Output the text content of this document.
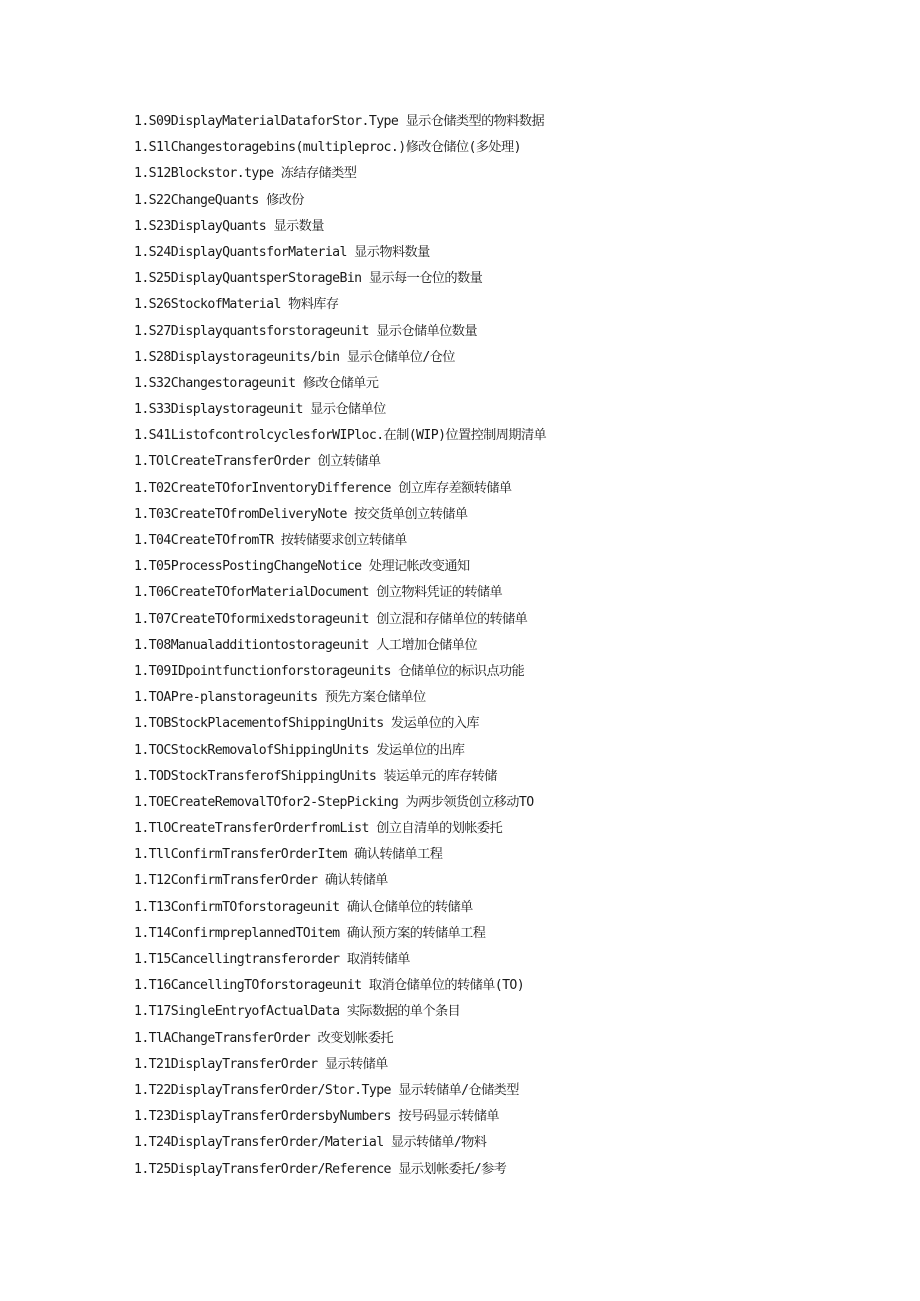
1.S09DisplayMaterialDataforStor.Type 显示仓储类型的物料数据
1.S1lChangestoragebins(multipleproc.)修改仓储位(多处理)
1.S12Blockstor.type 冻结存储类型
1.S22ChangeQuants 修改份
1.S23DisplayQuants 显示数量
1.S24DisplayQuantsforMaterial 显示物料数量
1.S25DisplayQuantsperStorageBin 显示每一仓位的数量
1.S26StockofMaterial 物料库存
1.S27Displayquantsforstorageunit 显示仓储单位数量
1.S28Displaystorageunits/bin 显示仓储单位/仓位
1.S32Changestorageunit 修改仓储单元
1.S33Displaystorageunit 显示仓储单位
1.S41ListofcontrolcyclesforWIPloc.在制(WIP)位置控制周期清单
1.TOlCreateTransferOrder 创立转储单
1.T02CreateTOforInventoryDifference 创立库存差额转储单
1.T03CreateTOfromDeliveryNote 按交货单创立转储单
1.T04CreateTOfromTR 按转储要求创立转储单
1.T05ProcessPostingChangeNotice 处理记帐改变通知
1.T06CreateTOforMaterialDocument 创立物料凭证的转储单
1.T07CreateTOformixedstorageunit 创立混和存储单位的转储单
1.T08Manualadditiontostorageunit 人工增加仓储单位
1.T09IDpointfunctionforstorageunits 仓储单位的标识点功能
1.TOAPre-planstorageunits 预先方案仓储单位
1.TOBStockPlacementofShippingUnits 发运单位的入库
1.TOCStockRemovalofShippingUnits 发运单位的出库
1.TODStockTransferofShippingUnits 装运单元的库存转储
1.TOECreateRemovalTOfor2-StepPicking 为两步领货创立移动TO
1.TlOCreateTransferOrderfromList 创立自清单的划帐委托
1.TllConfirmTransferOrderItem 确认转储单工程
1.T12ConfirmTransferOrder 确认转储单
1.T13ConfirmTOforstorageunit 确认仓储单位的转储单
1.T14ConfirmpreplannedTOitem 确认预方案的转储单工程
1.T15Cancellingtransferorder 取消转储单
1.T16CancellingTOforstorageunit 取消仓储单位的转储单(TO)
1.T17SingleEntryofActualData 实际数据的单个条目
1.TlAChangeTransferOrder 改变划帐委托
1.T21DisplayTransferOrder 显示转储单
1.T22DisplayTransferOrder/Stor.Type 显示转储单/仓储类型
1.T23DisplayTransferOrdersbyNumbers 按号码显示转储单
1.T24DisplayTransferOrder/Material 显示转储单/物料
1.T25DisplayTransferOrder/Reference 显示划帐委托/参考
